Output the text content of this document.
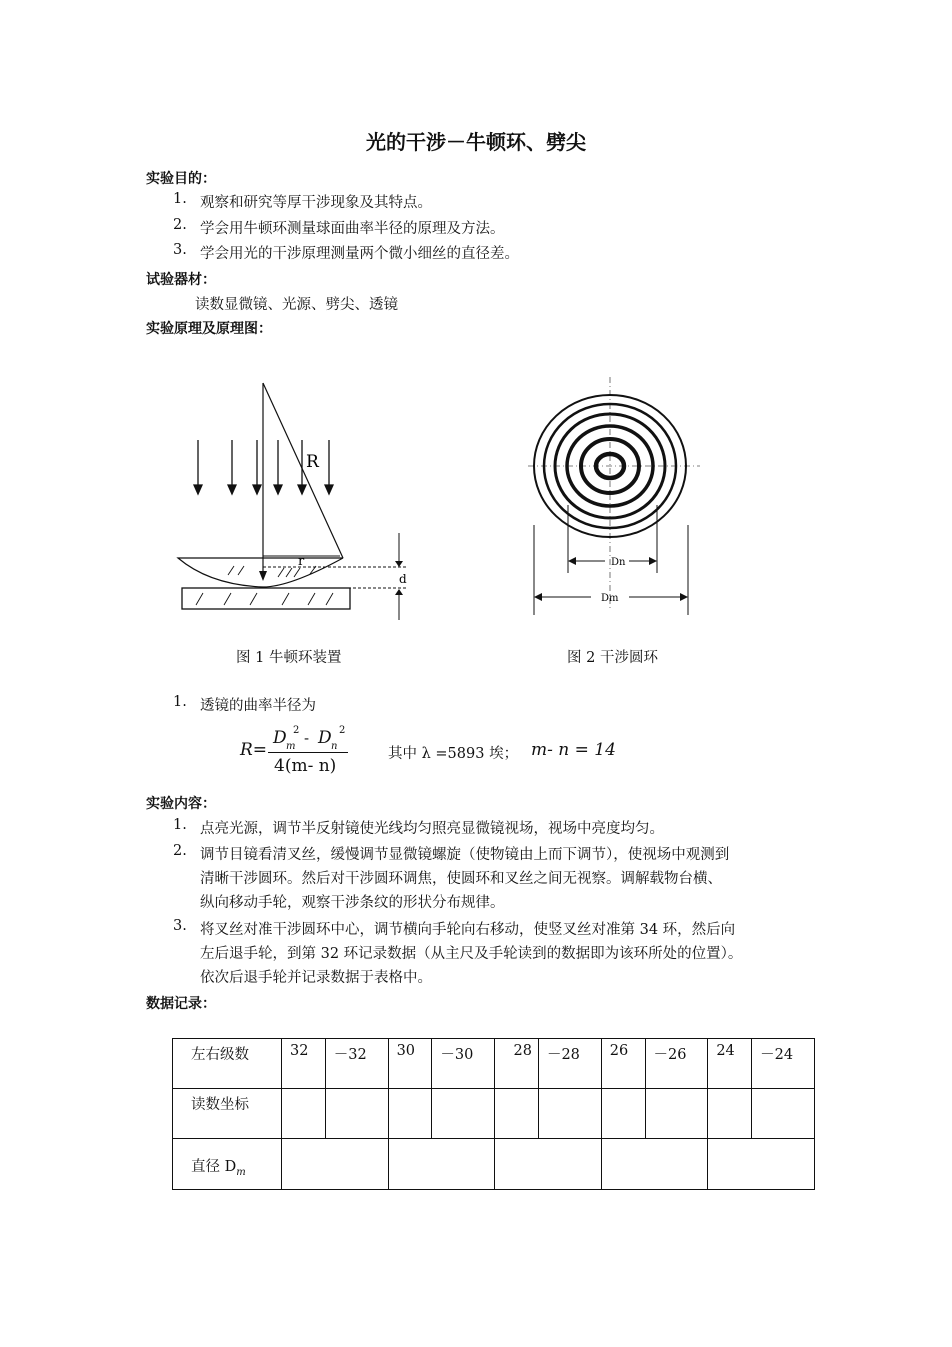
光的干涉－牛顿环、劈尖
实验目的：
1. 观察和研究等厚干涉现象及其特点。
2. 学会用牛顿环测量球面曲率半径的原理及方法。
3. 学会用光的干涉原理测量两个微小细丝的直径差。
试验器材：
读数显微镜、光源、劈尖、透镜
实验原理及原理图：
R
r
d
Dn
Dm
图 1 牛顿环装置	图 2 干涉圆环
1. 透镜的曲率半径为
R=
D m
2 - D n
2
4(m- n)
其中 λ =5893 埃； m- n = 14
实验内容：
1. 点亮光源，调节半反射镜使光线均匀照亮显微镜视场，视场中亮度均匀。
2. 调节目镜看清叉丝，缓慢调节显微镜螺旋（使物镜由上而下调节），使视场中观测到
清晰干涉圆环。然后对干涉圆环调焦，使圆环和叉丝之间无视察。调解载物台横、
纵向移动手轮，观察干涉条纹的形状分布规律。
3. 将叉丝对准干涉圆环中心，调节横向手轮向右移动，使竖叉丝对准第 34 环，然后向
左后退手轮，到第 32 环记录数据（从主尺及手轮读到的数据即为该环所处的位置）。
依次后退手轮并记录数据于表格中。
数据记录：
左右级数	32	－32	30	－30	28	－28	26	－26	24	－24
读数坐标										
直径 $D_m$					
